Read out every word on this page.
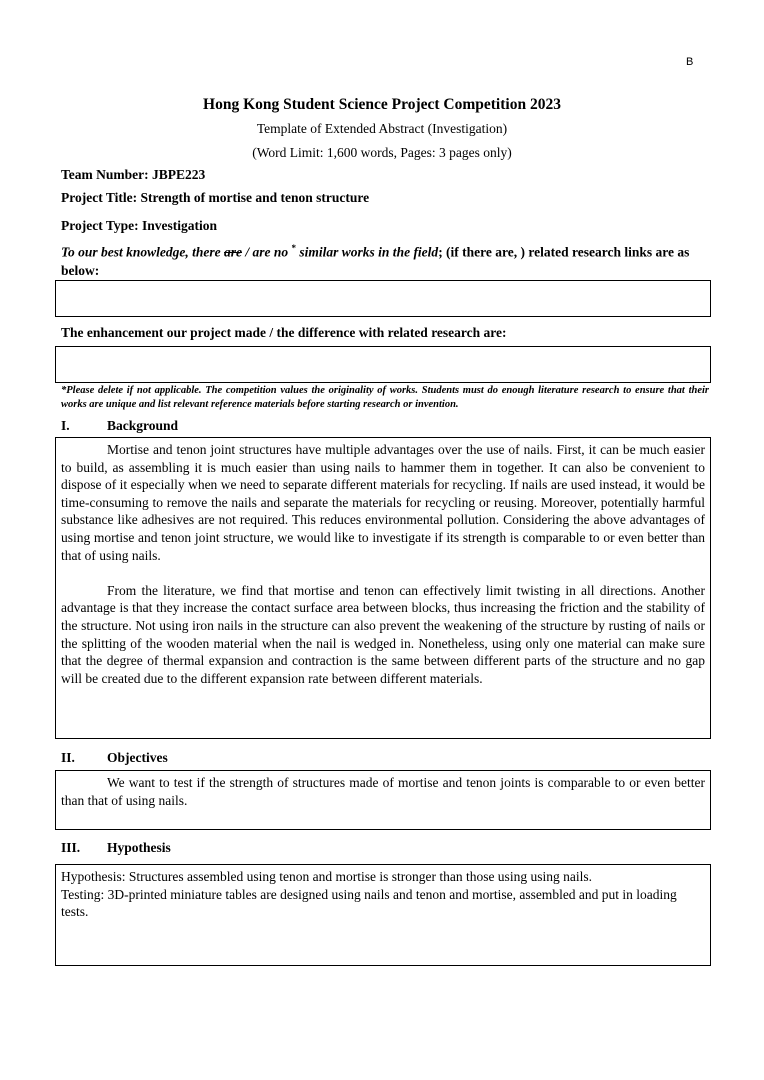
B
Hong Kong Student Science Project Competition 2023
Template of Extended Abstract (Investigation)
(Word Limit: 1,600 words, Pages: 3 pages only)
Team Number: JBPE223
Project Title: Strength of mortise and tenon structure
Project Type: Investigation
To our best knowledge, there are / are no * similar works in the field; (if there are, ) related research links are as below:
The enhancement our project made / the difference with related research are:
*Please delete if not applicable. The competition values the originality of works. Students must do enough literature research to ensure that their works are unique and list relevant reference materials before starting research or invention.
I.	Background

Mortise and tenon joint structures have multiple advantages over the use of nails. First, it can be much easier to build, as assembling it is much easier than using nails to hammer them in together. It can also be convenient to dispose of it especially when we need to separate different materials for recycling. If nails are used instead, it would be time-consuming to remove the nails and separate the materials for recycling or reusing. Moreover, potentially harmful substance like adhesives are not required. This reduces environmental pollution. Considering the above advantages of using mortise and tenon joint structure, we would like to investigate if its strength is comparable to or even better than that of using nails.

From the literature, we find that mortise and tenon can effectively limit twisting in all directions. Another advantage is that they increase the contact surface area between blocks, thus increasing the friction and the stability of the structure. Not using iron nails in the structure can also prevent the weakening of the structure by rusting of nails or the splitting of the wooden material when the nail is wedged in. Nonetheless, using only one material can make sure that the degree of thermal expansion and contraction is the same between different parts of the structure and no gap will be created due to the different expansion rate between different materials.

II. Objectives

We want to test if the strength of structures made of mortise and tenon joints is comparable to or even better than that of using nails.

III. Hypothesis

Hypothesis: Structures assembled using tenon and mortise is stronger than those using using nails.

Testing: 3D-printed miniature tables are designed using nails and tenon and mortise, assembled and put in loading tests.
